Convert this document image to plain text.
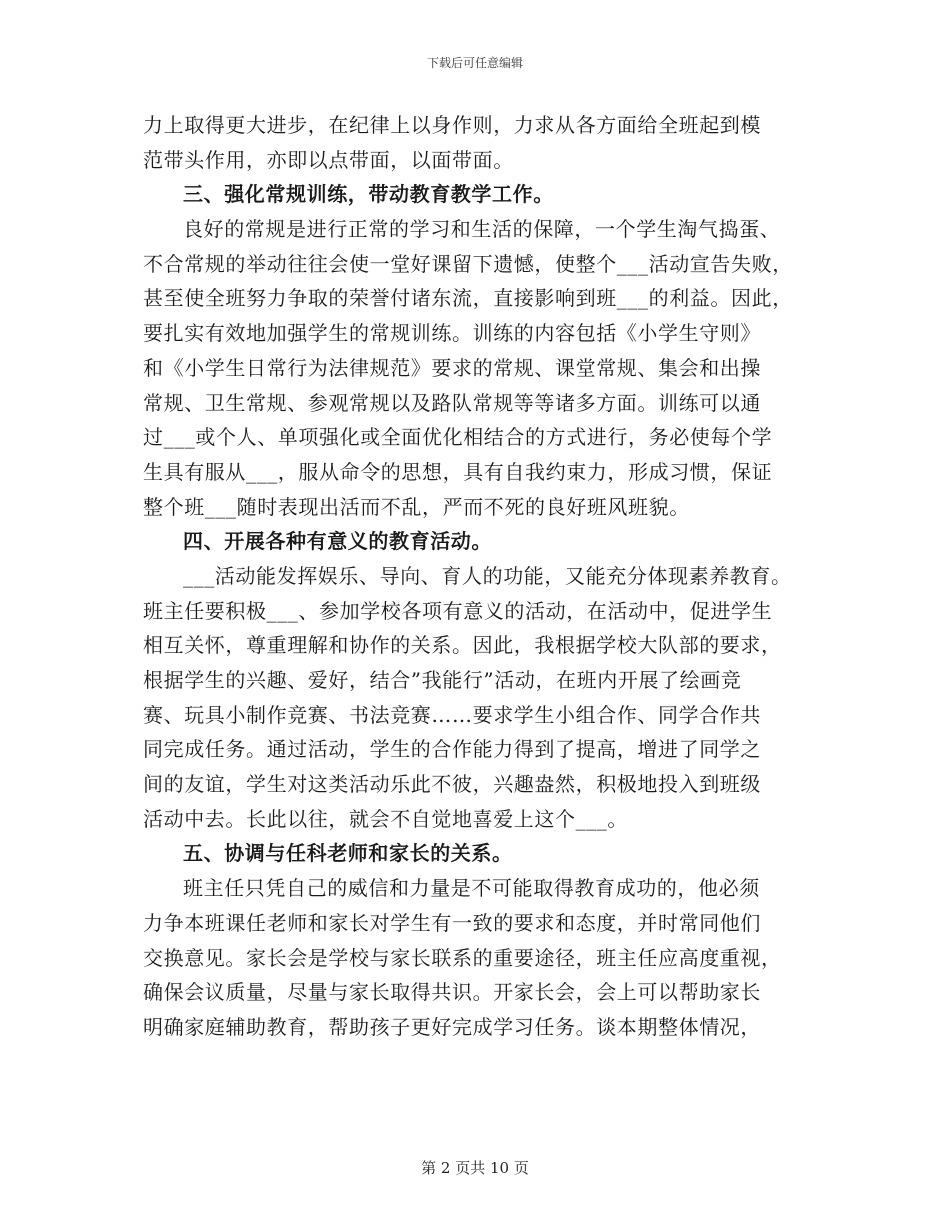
下载后可任意编辑
力上取得更大进步，在纪律上以身作则，力求从各方面给全班起到模
范带头作用，亦即以点带面，以面带面。
三、强化常规训练，带动教育教学工作。
良好的常规是进行正常的学习和生活的保障，一个学生淘气捣蛋、
不合常规的举动往往会使一堂好课留下遗憾，使整个___活动宣告失败，
甚至使全班努力争取的荣誉付诸东流，直接影响到班___的利益。因此，
要扎实有效地加强学生的常规训练。训练的内容包括《小学生守则》
和《小学生日常行为法律规范》要求的常规、课堂常规、集会和出操
常规、卫生常规、参观常规以及路队常规等等诸多方面。训练可以通
过___或个人、单项强化或全面优化相结合的方式进行，务必使每个学
生具有服从___，服从命令的思想，具有自我约束力，形成习惯，保证
整个班___随时表现出活而不乱，严而不死的良好班风班貌。
四、开展各种有意义的教育活动。
___活动能发挥娱乐、导向、育人的功能，又能充分体现素养教育。
班主任要积极___、参加学校各项有意义的活动，在活动中，促进学生
相互关怀，尊重理解和协作的关系。因此，我根据学校大队部的要求，
根据学生的兴趣、爱好，结合”我能行”活动，在班内开展了绘画竞
赛、玩具小制作竞赛、书法竞赛……要求学生小组合作、同学合作共
同完成任务。通过活动，学生的合作能力得到了提高，增进了同学之
间的友谊，学生对这类活动乐此不彼，兴趣盎然，积极地投入到班级
活动中去。长此以往，就会不自觉地喜爱上这个___。
五、协调与任科老师和家长的关系。
班主任只凭自己的威信和力量是不可能取得教育成功的，他必须
力争本班课任老师和家长对学生有一致的要求和态度，并时常同他们
交换意见。家长会是学校与家长联系的重要途径，班主任应高度重视，
确保会议质量，尽量与家长取得共识。开家长会，会上可以帮助家长
明确家庭辅助教育，帮助孩子更好完成学习任务。谈本期整体情况，
第 2 页共 10 页
